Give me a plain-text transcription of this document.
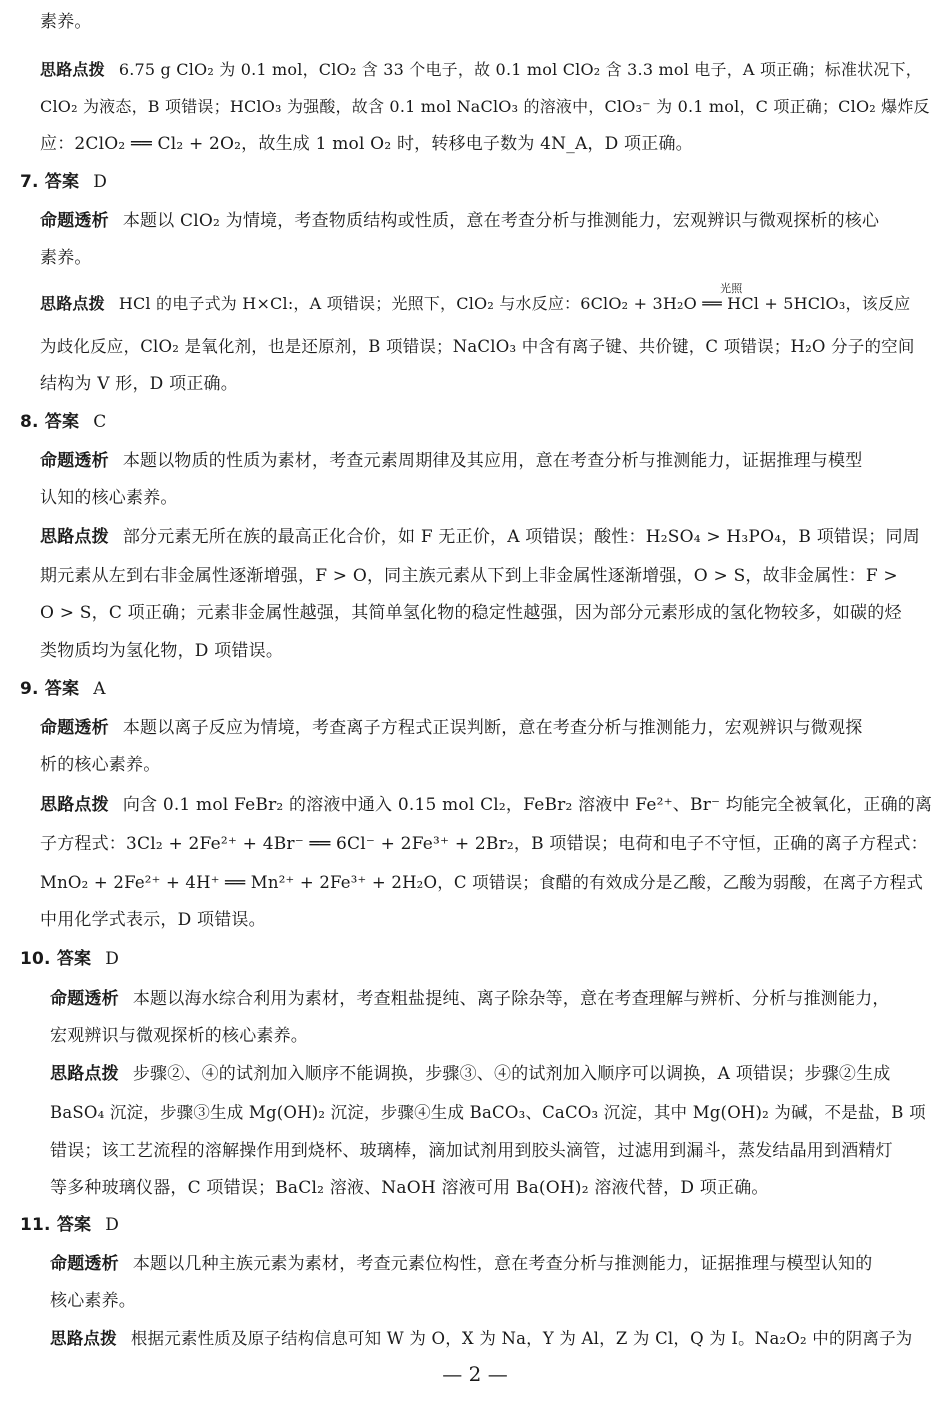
素养。
思路点拨 6.75 g ClO₂ 为 0.1 mol，ClO₂ 含 33 个电子，故 0.1 mol ClO₂ 含 3.3 mol 电子，A 项正确；标准状况下，
ClO₂ 为液态，B 项错误；HClO₃ 为强酸，故含 0.1 mol NaClO₃ 的溶液中，ClO₃⁻ 为 0.1 mol，C 项正确；ClO₂ 爆炸反
应：2ClO₂ ══ Cl₂ + 2O₂，故生成 1 mol O₂ 时，转移电子数为 4N_A，D 项正确。
7. 答案 D
命题透析 本题以 ClO₂ 为情境，考查物质结构或性质，意在考查分析与推测能力，宏观辨识与微观探析的核心
素养。
思路点拨 HCl 的电子式为 H×Cl:，A 项错误；光照下，ClO₂ 与水反应：6ClO₂ + 3H₂O ══ HCl + 5HClO₃，该反应
光照
为歧化反应，ClO₂ 是氧化剂，也是还原剂，B 项错误；NaClO₃ 中含有离子键、共价键，C 项错误；H₂O 分子的空间
结构为 V 形，D 项正确。
8. 答案 C
命题透析 本题以物质的性质为素材，考查元素周期律及其应用，意在考查分析与推测能力，证据推理与模型
认知的核心素养。
思路点拨 部分元素无所在族的最高正化合价，如 F 无正价，A 项错误；酸性：H₂SO₄ > H₃PO₄，B 项错误；同周
期元素从左到右非金属性逐渐增强，F > O，同主族元素从下到上非金属性逐渐增强，O > S，故非金属性：F >
O > S，C 项正确；元素非金属性越强，其简单氢化物的稳定性越强，因为部分元素形成的氢化物较多，如碳的烃
类物质均为氢化物，D 项错误。
9. 答案 A
命题透析 本题以离子反应为情境，考查离子方程式正误判断，意在考查分析与推测能力，宏观辨识与微观探
析的核心素养。
思路点拨 向含 0.1 mol FeBr₂ 的溶液中通入 0.15 mol Cl₂，FeBr₂ 溶液中 Fe²⁺、Br⁻ 均能完全被氧化，正确的离
子方程式：3Cl₂ + 2Fe²⁺ + 4Br⁻ ══ 6Cl⁻ + 2Fe³⁺ + 2Br₂，B 项错误；电荷和电子不守恒，正确的离子方程式：
MnO₂ + 2Fe²⁺ + 4H⁺ ══ Mn²⁺ + 2Fe³⁺ + 2H₂O，C 项错误；食醋的有效成分是乙酸，乙酸为弱酸，在离子方程式
中用化学式表示，D 项错误。
10. 答案 D
命题透析 本题以海水综合利用为素材，考查粗盐提纯、离子除杂等，意在考查理解与辨析、分析与推测能力，
宏观辨识与微观探析的核心素养。
思路点拨 步骤②、④的试剂加入顺序不能调换，步骤③、④的试剂加入顺序可以调换，A 项错误；步骤②生成
BaSO₄ 沉淀，步骤③生成 Mg(OH)₂ 沉淀，步骤④生成 BaCO₃、CaCO₃ 沉淀，其中 Mg(OH)₂ 为碱，不是盐，B 项
错误；该工艺流程的溶解操作用到烧杯、玻璃棒，滴加试剂用到胶头滴管，过滤用到漏斗，蒸发结晶用到酒精灯
等多种玻璃仪器，C 项错误；BaCl₂ 溶液、NaOH 溶液可用 Ba(OH)₂ 溶液代替，D 项正确。
11. 答案 D
命题透析 本题以几种主族元素为素材，考查元素位构性，意在考查分析与推测能力，证据推理与模型认知的
核心素养。
思路点拨 根据元素性质及原子结构信息可知 W 为 O，X 为 Na，Y 为 Al，Z 为 Cl，Q 为 I。Na₂O₂ 中的阴离子为
— 2 —
